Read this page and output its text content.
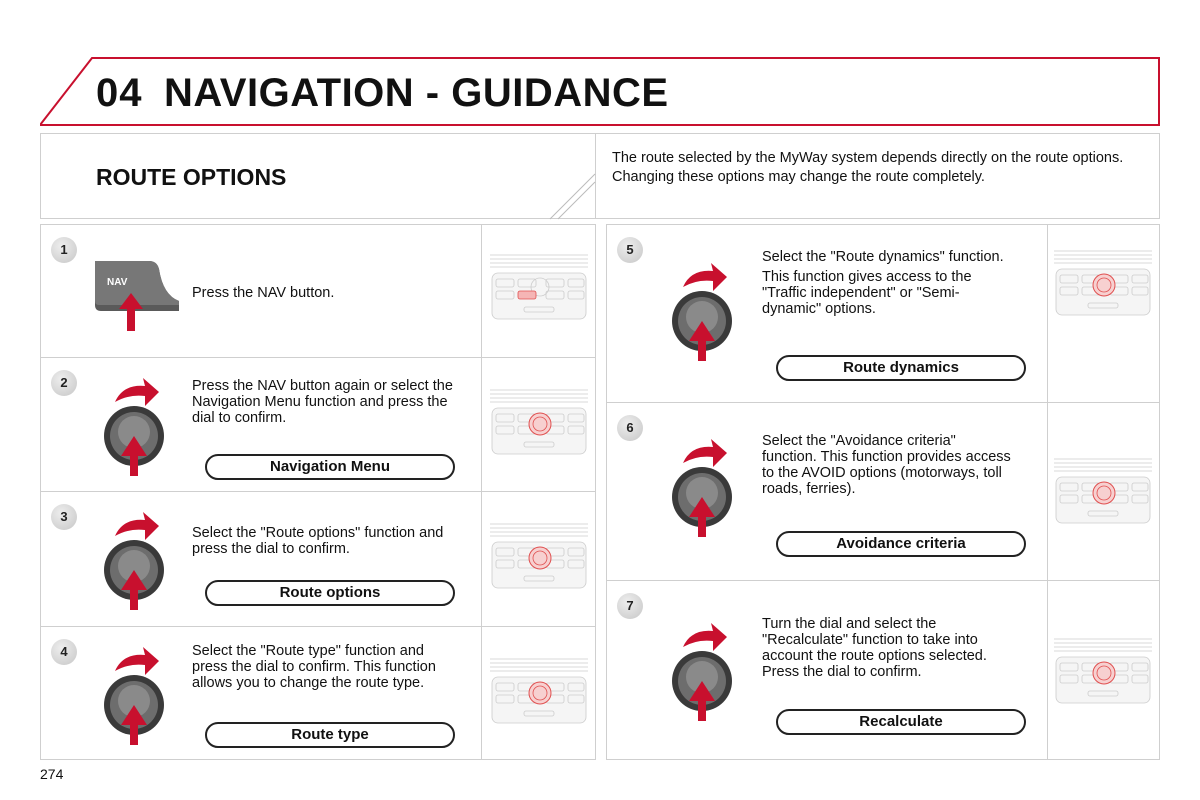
04 NAVIGATION - GUIDANCE
ROUTE OPTIONS

The route selected by the MyWay system depends directly on the route options.

Changing these options may change the route completely.

1
NAV

Press the NAV button.

2	Press the NAV button again or select the Navigation Menu function and press the dial to confirm.

Navigation Menu
3

Select the "Route options" function and press the dial to confirm.

Route options
4	Select the "Route type" function and press the dial to confirm. This function allows you to change the route type.

Route type
5	Select the "Route dynamics" function.

This function gives access to the "Traffic independent" or "Semi-dynamic" options.

Route dynamics
6

Select the "Avoidance criteria" function. This function provides access to the AVOID options (motorways, toll roads, ferries).

Avoidance criteria
7

Turn the dial and select the "Recalculate" function to take into account the route options selected. Press the dial to confirm.

Recalculate
274
